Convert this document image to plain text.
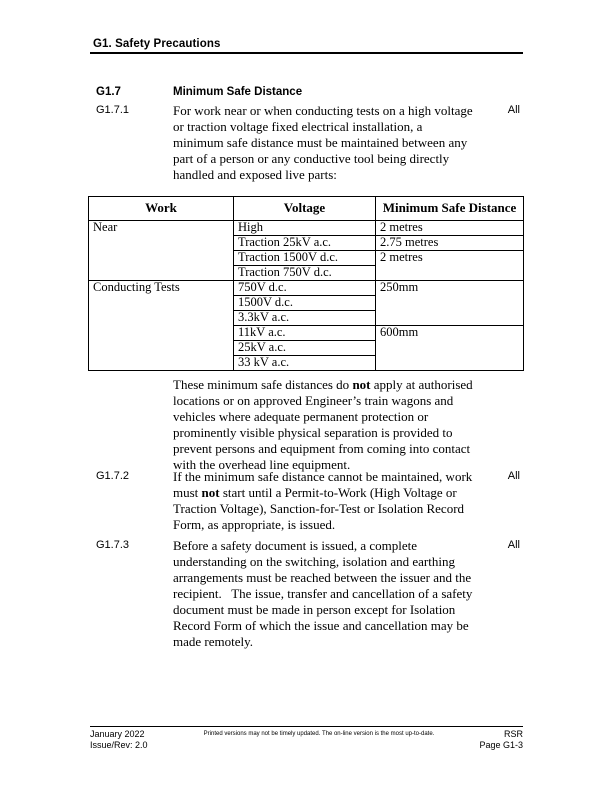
G1. Safety Precautions
G1.7	Minimum Safe Distance
G1.7.1	For work near or when conducting tests on a high voltage or traction voltage fixed electrical installation, a minimum safe distance must be maintained between any part of a person or any conductive tool being directly handled and exposed live parts:
All
Work	Voltage	Minimum Safe Distance
Near	High	2 metres
	Traction 25kV a.c.	2.75 metres
	Traction 1500V d.c.	2 metres
	Traction 750V d.c.	
Conducting Tests	750V d.c.	250mm
	1500V d.c.	
	3.3kV a.c.	
	11kV a.c.	600mm
	25kV a.c.	
	33 kV a.c.	
These minimum safe distances do not apply at authorised locations or on approved Engineer’s train wagons and vehicles where adequate permanent protection or prominently visible physical separation is provided to prevent persons and equipment from coming into contact with the overhead line equipment.
G1.7.2	If the minimum safe distance cannot be maintained, work must not start until a Permit-to-Work (High Voltage or Traction Voltage), Sanction-for-Test or Isolation Record Form, as appropriate, is issued.
All
G1.7.3	Before a safety document is issued, a complete understanding on the switching, isolation and earthing arrangements must be reached between the issuer and the recipient.   The issue, transfer and cancellation of a safety document must be made in person except for Isolation Record Form of which the issue and cancellation may be made remotely.
All
January 2022
Issue/Rev: 2.0
Printed versions may not be timely updated. The on-line version is the most up-to-date.	RSR
Page G1-3
